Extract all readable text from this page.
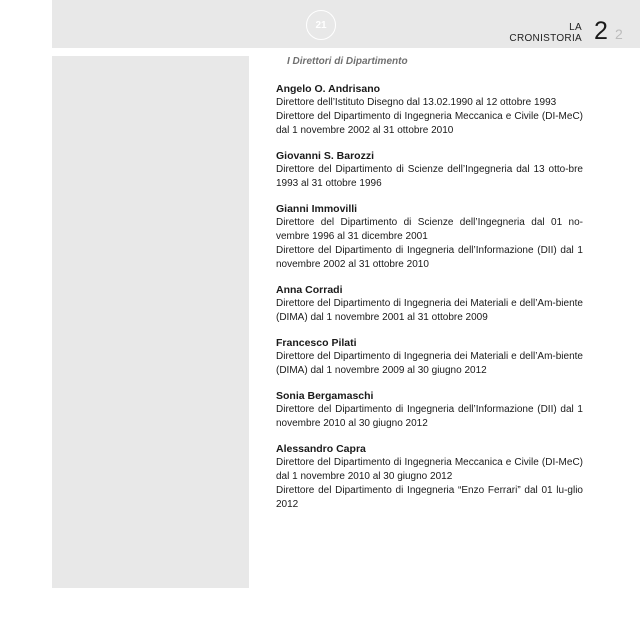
21	LA
CRONISTORIA 2 2
I Direttori di Dipartimento
Angelo O. Andrisano
Direttore dell’Istituto Disegno dal 13.02.1990 al 12 ottobre 1993
Direttore del Dipartimento di Ingegneria Meccanica e Civile (DI-MeC) dal 1 novembre 2002 al 31 ottobre 2010
Giovanni S. Barozzi
Direttore del Dipartimento di Scienze dell’Ingegneria dal 13 otto-bre 1993 al 31 ottobre 1996
Gianni Immovilli
Direttore del Dipartimento di Scienze dell’Ingegneria dal 01 no-vembre 1996 al 31 dicembre 2001
Direttore del Dipartimento di Ingegneria dell’Informazione (DII) dal 1 novembre 2002 al 31 ottobre 2010
Anna Corradi
Direttore del Dipartimento di Ingegneria dei Materiali e dell’Am-biente (DIMA) dal 1 novembre 2001 al 31 ottobre 2009
Francesco Pilati
Direttore del Dipartimento di Ingegneria dei Materiali e dell’Am-biente (DIMA) dal 1 novembre 2009 al 30 giugno 2012
Sonia Bergamaschi
Direttore del Dipartimento di Ingegneria dell’Informazione (DII) dal 1 novembre 2010 al 30 giugno 2012
Alessandro Capra
Direttore del Dipartimento di Ingegneria Meccanica e Civile (DI-MeC) dal 1 novembre 2010 al 30 giugno 2012
Direttore del Dipartimento di Ingegneria “Enzo Ferrari” dal 01 lu-glio 2012
